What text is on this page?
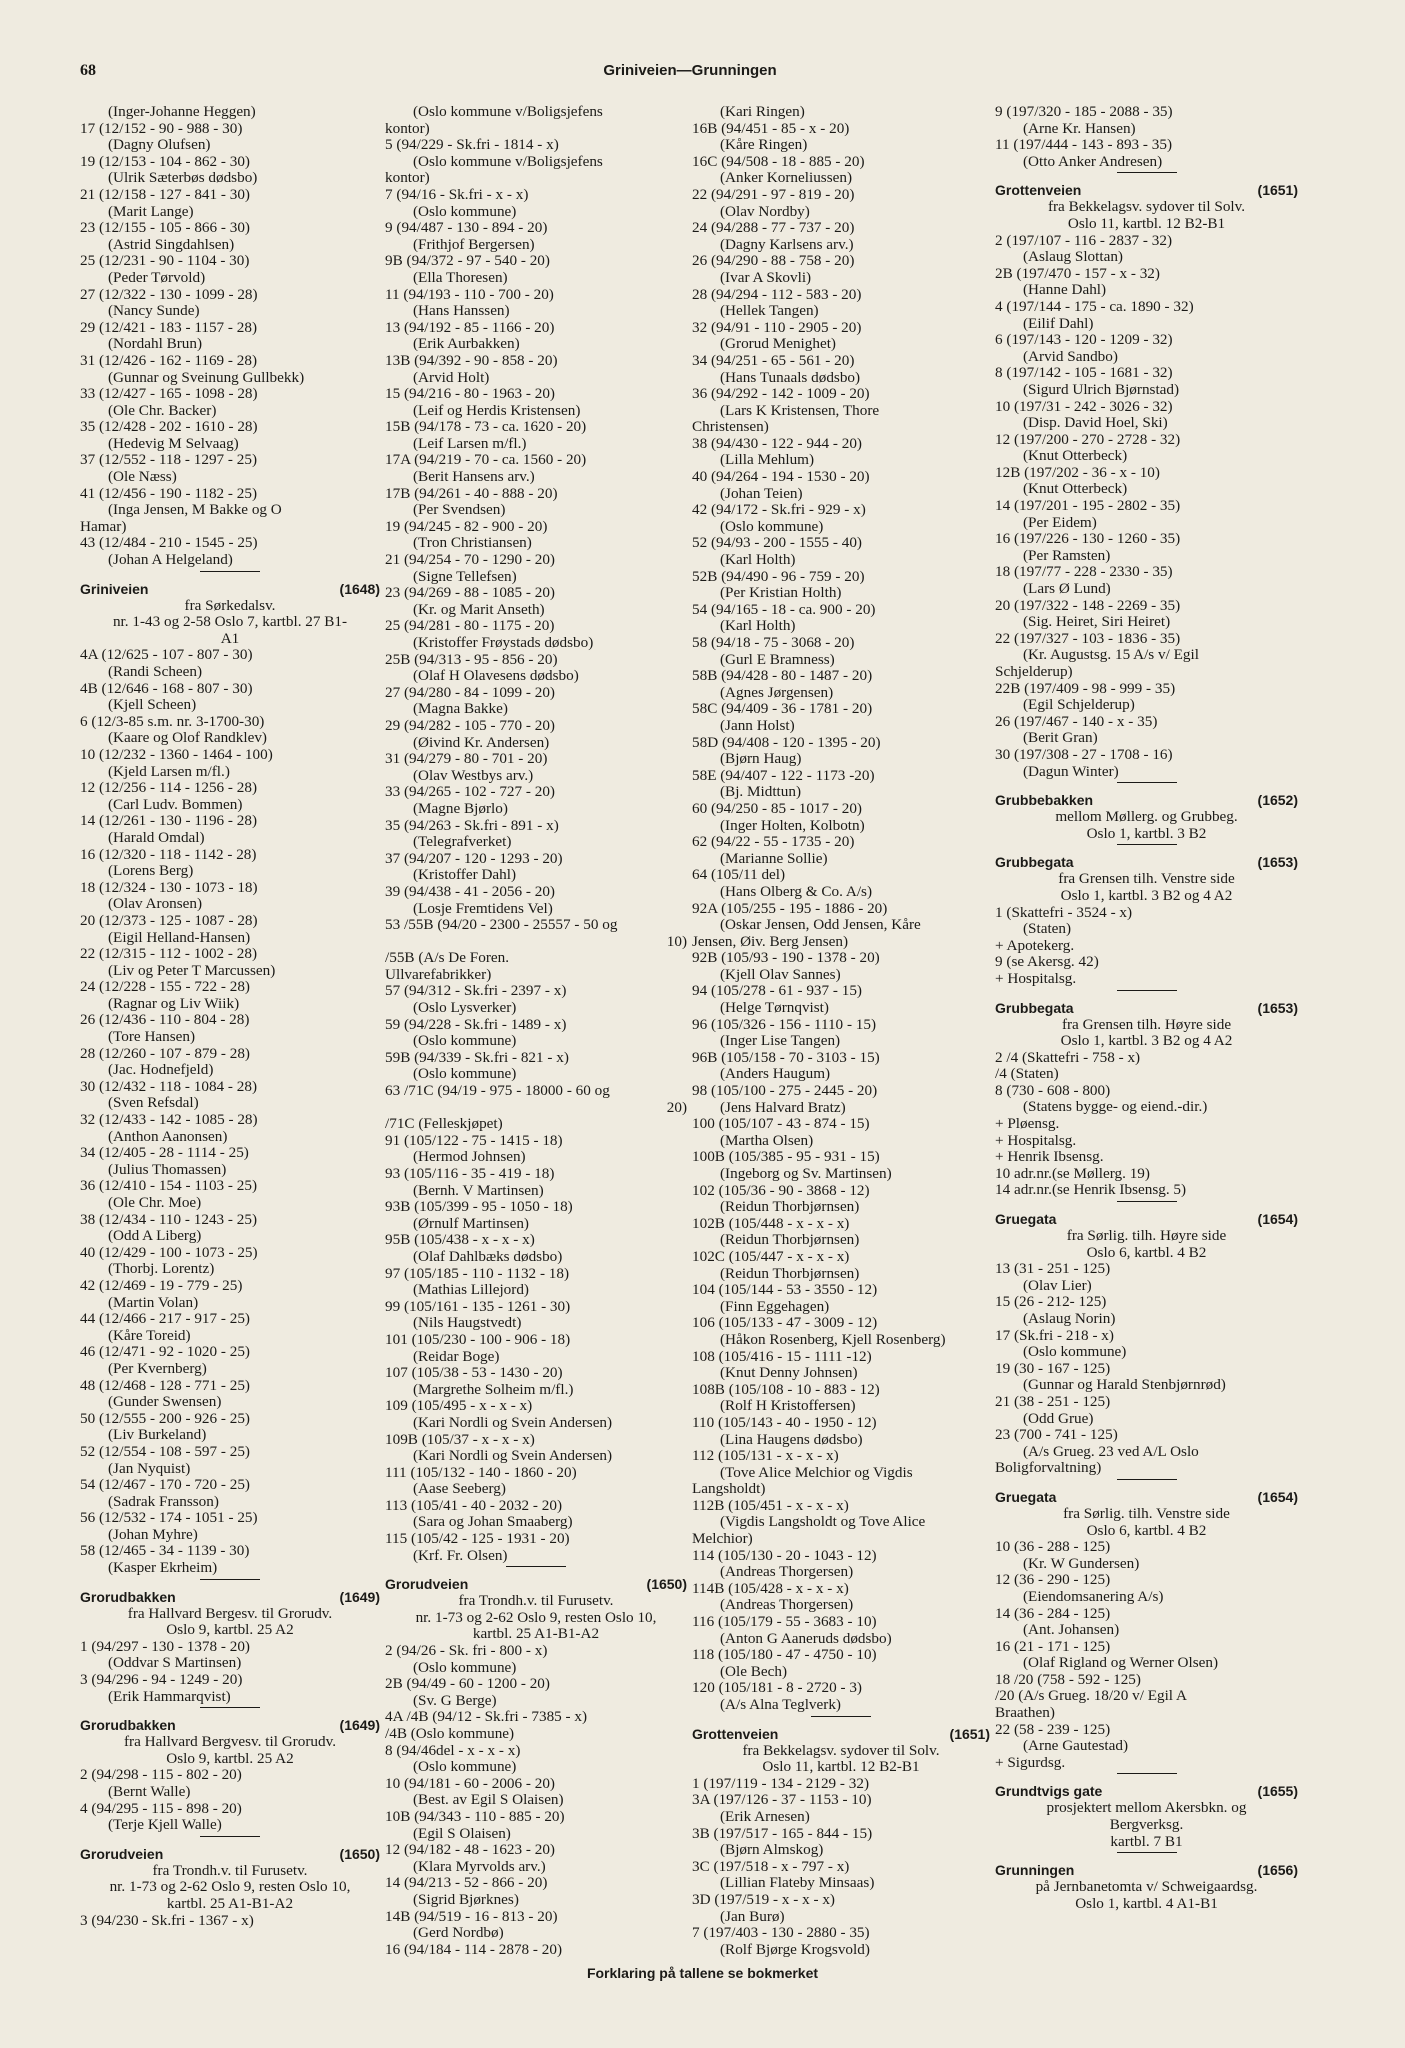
68	Griniveien—Grunningen
(Inger-Johanne Heggen)
17 (12/152 - 90 - 988 - 30)
(Dagny Olufsen)
19 (12/153 - 104 - 862 - 30)
(Ulrik Sæterbøs dødsbo)
21 (12/158 - 127 - 841 - 30)
(Marit Lange)
23 (12/155 - 105 - 866 - 30)
(Astrid Singdahlsen)
25 (12/231 - 90 - 1104 - 30)
(Peder Tørvold)
27 (12/322 - 130 - 1099 - 28)
(Nancy Sunde)
29 (12/421 - 183 - 1157 - 28)
(Nordahl Brun)
31 (12/426 - 162 - 1169 - 28)
(Gunnar og Sveinung Gullbekk)
33 (12/427 - 165 - 1098 - 28)
(Ole Chr. Backer)
35 (12/428 - 202 - 1610 - 28)
(Hedevig M Selvaag)
37 (12/552 - 118 - 1297 - 25)
(Ole Næss)
41 (12/456 - 190 - 1182 - 25)
(Inga Jensen, M Bakke og O
Hamar)
43 (12/484 - 210 - 1545 - 25)
(Johan A Helgeland)
Griniveien	(1648)
fra Sørkedalsv.
nr. 1-43 og 2-58 Oslo 7, kartbl. 27 B1-
A1
4A (12/625 - 107 - 807 - 30)
(Randi Scheen)
4B (12/646 - 168 - 807 - 30)
(Kjell Scheen)
6 (12/3-85 s.m. nr. 3-1700-30)
(Kaare og Olof Randklev)
10 (12/232 - 1360 - 1464 - 100)
(Kjeld Larsen m/fl.)
12 (12/256 - 114 - 1256 - 28)
(Carl Ludv. Bommen)
14 (12/261 - 130 - 1196 - 28)
(Harald Omdal)
16 (12/320 - 118 - 1142 - 28)
(Lorens Berg)
18 (12/324 - 130 - 1073 - 18)
(Olav Aronsen)
20 (12/373 - 125 - 1087 - 28)
(Eigil Helland-Hansen)
22 (12/315 - 112 - 1002 - 28)
(Liv og Peter T Marcussen)
24 (12/228 - 155 - 722 - 28)
(Ragnar og Liv Wiik)
26 (12/436 - 110 - 804 - 28)
(Tore Hansen)
28 (12/260 - 107 - 879 - 28)
(Jac. Hodnefjeld)
30 (12/432 - 118 - 1084 - 28)
(Sven Refsdal)
32 (12/433 - 142 - 1085 - 28)
(Anthon Aanonsen)
34 (12/405 - 28 - 1114 - 25)
(Julius Thomassen)
36 (12/410 - 154 - 1103 - 25)
(Ole Chr. Moe)
38 (12/434 - 110 - 1243 - 25)
(Odd A Liberg)
40 (12/429 - 100 - 1073 - 25)
(Thorbj. Lorentz)
42 (12/469 - 19 - 779 - 25)
(Martin Volan)
44 (12/466 - 217 - 917 - 25)
(Kåre Toreid)
46 (12/471 - 92 - 1020 - 25)
(Per Kvernberg)
48 (12/468 - 128 - 771 - 25)
(Gunder Swensen)
50 (12/555 - 200 - 926 - 25)
(Liv Burkeland)
52 (12/554 - 108 - 597 - 25)
(Jan Nyquist)
54 (12/467 - 170 - 720 - 25)
(Sadrak Fransson)
56 (12/532 - 174 - 1051 - 25)
(Johan Myhre)
58 (12/465 - 34 - 1139 - 30)
(Kasper Ekrheim)
Grorudbakken	(1649)
fra Hallvard Bergesv. til Grorudv.
Oslo 9, kartbl. 25 A2
1 (94/297 - 130 - 1378 - 20)
(Oddvar S Martinsen)
3 (94/296 - 94 - 1249 - 20)
(Erik Hammarqvist)
Grorudbakken	(1649)
fra Hallvard Bergvesv. til Grorudv.
Oslo 9, kartbl. 25 A2
2 (94/298 - 115 - 802 - 20)
(Bernt Walle)
4 (94/295 - 115 - 898 - 20)
(Terje Kjell Walle)
Grorudveien	(1650)
fra Trondh.v. til Furusetv.
nr. 1-73 og 2-62 Oslo 9, resten Oslo 10,
kartbl. 25 A1-B1-A2
3 (94/230 - Sk.fri - 1367 - x)
(Oslo kommune v/Boligsjefens
kontor)
5 (94/229 - Sk.fri - 1814 - x)
(Oslo kommune v/Boligsjefens
kontor)
7 (94/16 - Sk.fri - x - x)
(Oslo kommune)
9 (94/487 - 130 - 894 - 20)
(Frithjof Bergersen)
9B (94/372 - 97 - 540 - 20)
(Ella Thoresen)
11 (94/193 - 110 - 700 - 20)
(Hans Hanssen)
13 (94/192 - 85 - 1166 - 20)
(Erik Aurbakken)
13B (94/392 - 90 - 858 - 20)
(Arvid Holt)
15 (94/216 - 80 - 1963 - 20)
(Leif og Herdis Kristensen)
15B (94/178 - 73 - ca. 1620 - 20)
(Leif Larsen m/fl.)
17A (94/219 - 70 - ca. 1560 - 20)
(Berit Hansens arv.)
17B (94/261 - 40 - 888 - 20)
(Per Svendsen)
19 (94/245 - 82 - 900 - 20)
(Tron Christiansen)
21 (94/254 - 70 - 1290 - 20)
(Signe Tellefsen)
23 (94/269 - 88 - 1085 - 20)
(Kr. og Marit Anseth)
25 (94/281 - 80 - 1175 - 20)
(Kristoffer Frøystads dødsbo)
25B (94/313 - 95 - 856 - 20)
(Olaf H Olavesens dødsbo)
27 (94/280 - 84 - 1099 - 20)
(Magna Bakke)
29 (94/282 - 105 - 770 - 20)
(Øivind Kr. Andersen)
31 (94/279 - 80 - 701 - 20)
(Olav Westbys arv.)
33 (94/265 - 102 - 727 - 20)
(Magne Bjørlo)
35 (94/263 - Sk.fri - 891 - x)
(Telegrafverket)
37 (94/207 - 120 - 1293 - 20)
(Kristoffer Dahl)
39 (94/438 - 41 - 2056 - 20)
(Losje Fremtidens Vel)
53 /55B (94/20 - 2300 - 25557 - 50 og
10)
/55B (A/s De Foren.
Ullvarefabrikker)
57 (94/312 - Sk.fri - 2397 - x)
(Oslo Lysverker)
59 (94/228 - Sk.fri - 1489 - x)
(Oslo kommune)
59B (94/339 - Sk.fri - 821 - x)
(Oslo kommune)
63 /71C (94/19 - 975 - 18000 - 60 og
20)
/71C (Felleskjøpet)
91 (105/122 - 75 - 1415 - 18)
(Hermod Johnsen)
93 (105/116 - 35 - 419 - 18)
(Bernh. V Martinsen)
93B (105/399 - 95 - 1050 - 18)
(Ørnulf Martinsen)
95B (105/438 - x - x - x)
(Olaf Dahlbæks dødsbo)
97 (105/185 - 110 - 1132 - 18)
(Mathias Lillejord)
99 (105/161 - 135 - 1261 - 30)
(Nils Haugstvedt)
101 (105/230 - 100 - 906 - 18)
(Reidar Boge)
107 (105/38 - 53 - 1430 - 20)
(Margrethe Solheim m/fl.)
109 (105/495 - x - x - x)
(Kari Nordli og Svein Andersen)
109B (105/37 - x - x - x)
(Kari Nordli og Svein Andersen)
111 (105/132 - 140 - 1860 - 20)
(Aase Seeberg)
113 (105/41 - 40 - 2032 - 20)
(Sara og Johan Smaaberg)
115 (105/42 - 125 - 1931 - 20)
(Krf. Fr. Olsen)
Grorudveien	(1650)
fra Trondh.v. til Furusetv.
nr. 1-73 og 2-62 Oslo 9, resten Oslo 10,
kartbl. 25 A1-B1-A2
2 (94/26 - Sk. fri - 800 - x)
(Oslo kommune)
2B (94/49 - 60 - 1200 - 20)
(Sv. G Berge)
4A /4B (94/12 - Sk.fri - 7385 - x)
/4B (Oslo kommune)
8 (94/46del - x - x - x)
(Oslo kommune)
10 (94/181 - 60 - 2006 - 20)
(Best. av Egil S Olaisen)
10B (94/343 - 110 - 885 - 20)
(Egil S Olaisen)
12 (94/182 - 48 - 1623 - 20)
(Klara Myrvolds arv.)
14 (94/213 - 52 - 866 - 20)
(Sigrid Bjørknes)
14B (94/519 - 16 - 813 - 20)
(Gerd Nordbø)
16 (94/184 - 114 - 2878 - 20)
(Kari Ringen)
16B (94/451 - 85 - x - 20)
(Kåre Ringen)
16C (94/508 - 18 - 885 - 20)
(Anker Korneliussen)
22 (94/291 - 97 - 819 - 20)
(Olav Nordby)
24 (94/288 - 77 - 737 - 20)
(Dagny Karlsens arv.)
26 (94/290 - 88 - 758 - 20)
(Ivar A Skovli)
28 (94/294 - 112 - 583 - 20)
(Hellek Tangen)
32 (94/91 - 110 - 2905 - 20)
(Grorud Menighet)
34 (94/251 - 65 - 561 - 20)
(Hans Tunaals dødsbo)
36 (94/292 - 142 - 1009 - 20)
(Lars K Kristensen, Thore
Christensen)
38 (94/430 - 122 - 944 - 20)
(Lilla Mehlum)
40 (94/264 - 194 - 1530 - 20)
(Johan Teien)
42 (94/172 - Sk.fri - 929 - x)
(Oslo kommune)
52 (94/93 - 200 - 1555 - 40)
(Karl Holth)
52B (94/490 - 96 - 759 - 20)
(Per Kristian Holth)
54 (94/165 - 18 - ca. 900 - 20)
(Karl Holth)
58 (94/18 - 75 - 3068 - 20)
(Gurl E Bramness)
58B (94/428 - 80 - 1487 - 20)
(Agnes Jørgensen)
58C (94/409 - 36 - 1781 - 20)
(Jann Holst)
58D (94/408 - 120 - 1395 - 20)
(Bjørn Haug)
58E (94/407 - 122 - 1173 -20)
(Bj. Midttun)
60 (94/250 - 85 - 1017 - 20)
(Inger Holten, Kolbotn)
62 (94/22 - 55 - 1735 - 20)
(Marianne Sollie)
64 (105/11 del)
(Hans Olberg & Co. A/s)
92A (105/255 - 195 - 1886 - 20)
(Oskar Jensen, Odd Jensen, Kåre
Jensen, Øiv. Berg Jensen)
92B (105/93 - 190 - 1378 - 20)
(Kjell Olav Sannes)
94 (105/278 - 61 - 937 - 15)
(Helge Tørnqvist)
96 (105/326 - 156 - 1110 - 15)
(Inger Lise Tangen)
96B (105/158 - 70 - 3103 - 15)
(Anders Haugum)
98 (105/100 - 275 - 2445 - 20)
(Jens Halvard Bratz)
100 (105/107 - 43 - 874 - 15)
(Martha Olsen)
100B (105/385 - 95 - 931 - 15)
(Ingeborg og Sv. Martinsen)
102 (105/36 - 90 - 3868 - 12)
(Reidun Thorbjørnsen)
102B (105/448 - x - x - x)
(Reidun Thorbjørnsen)
102C (105/447 - x - x - x)
(Reidun Thorbjørnsen)
104 (105/144 - 53 - 3550 - 12)
(Finn Eggehagen)
106 (105/133 - 47 - 3009 - 12)
(Håkon Rosenberg, Kjell Rosenberg)
108 (105/416 - 15 - 1111 -12)
(Knut Denny Johnsen)
108B (105/108 - 10 - 883 - 12)
(Rolf H Kristoffersen)
110 (105/143 - 40 - 1950 - 12)
(Lina Haugens dødsbo)
112 (105/131 - x - x - x)
(Tove Alice Melchior og Vigdis
Langsholdt)
112B (105/451 - x - x - x)
(Vigdis Langsholdt og Tove Alice
Melchior)
114 (105/130 - 20 - 1043 - 12)
(Andreas Thorgersen)
114B (105/428 - x - x - x)
(Andreas Thorgersen)
116 (105/179 - 55 - 3683 - 10)
(Anton G Aaneruds dødsbo)
118 (105/180 - 47 - 4750 - 10)
(Ole Bech)
120 (105/181 - 8 - 2720 - 3)
(A/s Alna Teglverk)
Grottenveien	(1651)
fra Bekkelagsv. sydover til Solv.
Oslo 11, kartbl. 12 B2-B1
1 (197/119 - 134 - 2129 - 32)
3A (197/126 - 37 - 1153 - 10)
(Erik Arnesen)
3B (197/517 - 165 - 844 - 15)
(Bjørn Almskog)
3C (197/518 - x - 797 - x)
(Lillian Flateby Minsaas)
3D (197/519 - x - x - x)
(Jan Burø)
7 (197/403 - 130 - 2880 - 35)
(Rolf Bjørge Krogsvold)
9 (197/320 - 185 - 2088 - 35)
(Arne Kr. Hansen)
11 (197/444 - 143 - 893 - 35)
(Otto Anker Andresen)
Grottenveien	(1651)
fra Bekkelagsv. sydover til Solv.
Oslo 11, kartbl. 12 B2-B1
2 (197/107 - 116 - 2837 - 32)
(Aslaug Slottan)
2B (197/470 - 157 - x - 32)
(Hanne Dahl)
4 (197/144 - 175 - ca. 1890 - 32)
(Eilif Dahl)
6 (197/143 - 120 - 1209 - 32)
(Arvid Sandbo)
8 (197/142 - 105 - 1681 - 32)
(Sigurd Ulrich Bjørnstad)
10 (197/31 - 242 - 3026 - 32)
(Disp. David Hoel, Ski)
12 (197/200 - 270 - 2728 - 32)
(Knut Otterbeck)
12B (197/202 - 36 - x - 10)
(Knut Otterbeck)
14 (197/201 - 195 - 2802 - 35)
(Per Eidem)
16 (197/226 - 130 - 1260 - 35)
(Per Ramsten)
18 (197/77 - 228 - 2330 - 35)
(Lars Ø Lund)
20 (197/322 - 148 - 2269 - 35)
(Sig. Heiret, Siri Heiret)
22 (197/327 - 103 - 1836 - 35)
(Kr. Augustsg. 15 A/s v/ Egil
Schjelderup)
22B (197/409 - 98 - 999 - 35)
(Egil Schjelderup)
26 (197/467 - 140 - x - 35)
(Berit Gran)
30 (197/308 - 27 - 1708 - 16)
(Dagun Winter)
Grubbebakken	(1652)
mellom Møllerg. og Grubbeg.
Oslo 1, kartbl. 3 B2
Grubbegata	(1653)
fra Grensen tilh. Venstre side
Oslo 1, kartbl. 3 B2 og 4 A2
1 (Skattefri - 3524 - x)
(Staten)
+ Apotekerg.
9 (se Akersg. 42)
+ Hospitalsg.
Grubbegata	(1653)
fra Grensen tilh. Høyre side
Oslo 1, kartbl. 3 B2 og 4 A2
2 /4 (Skattefri - 758 - x)
/4 (Staten)
8 (730 - 608 - 800)
(Statens bygge- og eiend.-dir.)
+ Pløensg.
+ Hospitalsg.
+ Henrik Ibsensg.
10 adr.nr.(se Møllerg. 19)
14 adr.nr.(se Henrik Ibsensg. 5)
Gruegata	(1654)
fra Sørlig. tilh. Høyre side
Oslo 6, kartbl. 4 B2
13 (31 - 251 - 125)
(Olav Lier)
15 (26 - 212- 125)
(Aslaug Norin)
17 (Sk.fri - 218 - x)
(Oslo kommune)
19 (30 - 167 - 125)
(Gunnar og Harald Stenbjørnrød)
21 (38 - 251 - 125)
(Odd Grue)
23 (700 - 741 - 125)
(A/s Grueg. 23 ved A/L Oslo
Boligforvaltning)
Gruegata	(1654)
fra Sørlig. tilh. Venstre side
Oslo 6, kartbl. 4 B2
10 (36 - 288 - 125)
(Kr. W Gundersen)
12 (36 - 290 - 125)
(Eiendomsanering A/s)
14 (36 - 284 - 125)
(Ant. Johansen)
16 (21 - 171 - 125)
(Olaf Rigland og Werner Olsen)
18 /20 (758 - 592 - 125)
/20 (A/s Grueg. 18/20 v/ Egil A
Braathen)
22 (58 - 239 - 125)
(Arne Gautestad)
+ Sigurdsg.
Grundtvigs gate	(1655)
prosjektert mellom Akersbkn. og
Bergverksg.
kartbl. 7 B1
Grunningen	(1656)
på Jernbanetomta v/ Schweigaardsg.
Oslo 1, kartbl. 4 A1-B1
Forklaring på tallene se bokmerket
